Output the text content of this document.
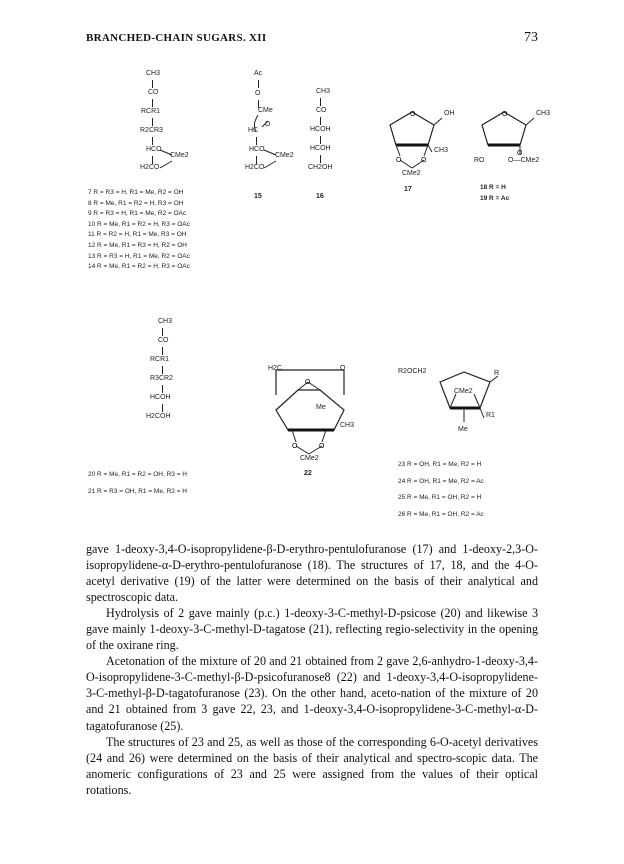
BRANCHED-CHAIN SUGARS. XII	73
CH3
CO
RCR1
R2CR3
HCO
CMe2
H2CO
Ac
O
CMe
HC
O
HCO
CMe2
H2CO
15
CH3
CO
HCOH
HCOH
CH2OH
16
O
O	O
OH
CH3
CMe2
17
O
O
CH3
RO	O—CMe2
18 R = H
19 R = Ac
7 R = R3 = H, R1 = Me, R2 = OH
8 R = Me, R1 = R2 = H, R3 = OH
9 R = R3 = H, R1 = Me, R2 = OAc
10 R = Me, R1 = R2 = H, R3 = OAc
11 R = R2 = H, R1 = Me, R3 = OH
12 R = Me, R1 = R3 = H, R2 = OH
13 R = R3 = H, R1 = Me, R2 = OAc
14 R = Me, R1 = R2 = H, R3 = OAc
CH3
CO
RCR1
R3CR2
HCOH
H2COH
20 R = Me, R1 = R2 = OH, R3 = H
21 R = R3 = OH, R1 = Me, R2 = H
O
O	O
H2C	O
Me
CH3
CMe2
22
R2OCH2	R
CMe2
R1
Me
23 R = OH, R1 = Me, R2 = H
24 R = OH, R1 = Me, R2 = Ac
25 R = Me, R1 = OH, R2 = H
26 R = Me, R1 = OH, R2 = Ac

gave 1-deoxy-3,4-O-isopropylidene-β-D-erythro-pentulofuranose (17) and 1-deoxy-2,3-O-isopropylidene-α-D-erythro-pentulofuranose (18). The structures of 17, 18, and the 4-O-acetyl derivative (19) of the latter were determined on the basis of their analytical and spectroscopic data.

Hydrolysis of 2 gave mainly (p.c.) 1-deoxy-3-C-methyl-D-psicose (20) and likewise 3 gave mainly 1-deoxy-3-C-methyl-D-tagatose (21), reflecting regio-selectivity in the opening of the oxirane ring.

Acetonation of the mixture of 20 and 21 obtained from 2 gave 2,6-anhydro-1-deoxy-3,4-O-isopropylidene-3-C-methyl-β-D-psicofuranose8 (22) and 1-deoxy-3,4-O-isopropylidene-3-C-methyl-β-D-tagatofuranose (23). On the other hand, aceto-nation of the mixture of 20 and 21 obtained from 3 gave 22, 23, and 1-deoxy-3,4-O-isopropylidene-3-C-methyl-α-D-tagatofuranose (25).

The structures of 23 and 25, as well as those of the corresponding 6-O-acetyl derivatives (24 and 26) were determined on the basis of their analytical and spectro-scopic data. The anomeric configurations of 23 and 25 were assigned from the values of their optical rotations.
